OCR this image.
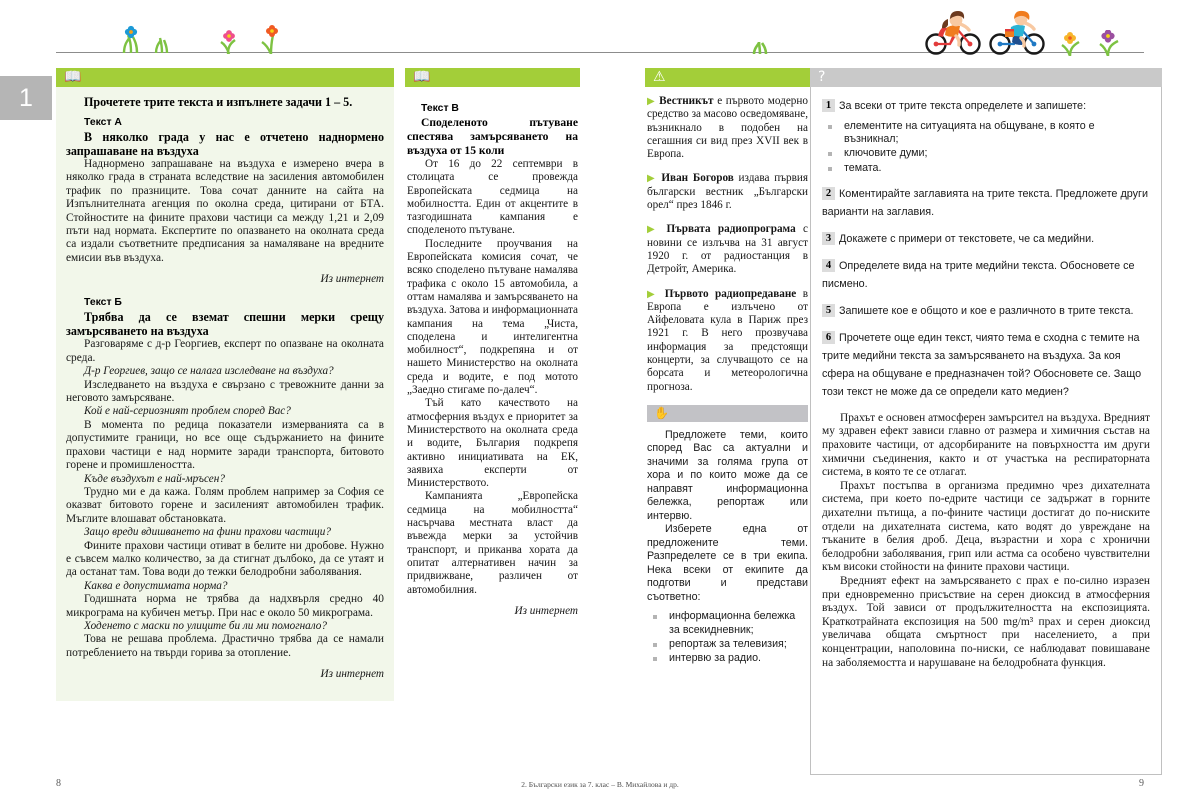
1
📖

Прочетете трите текста и изпълнете задачи 1 – 5.

Текст А

В няколко града у нас е отчетено наднормено запрашаване на въздуха

Наднормено запрашаване на въздуха е измерено вчера в няколко града в страната вследствие на засиления автомобилен трафик по празниците. Това сочат данните на сайта на Изпълнителната агенция по околна среда, цитирани от БТА. Стойностите на фините прахови частици са между 1,21 и 2,09 пъти над нормата. Експертите по опазването на околната среда са издали съответните предписания за намаляване на вредните емисии във въздуха.

Из интернет

Текст Б

Трябва да се вземат спешни мерки срещу замърсяването на въздуха

Разговаряме с д-р Георгиев, експерт по опазване на околната среда.

Д-р Георгиев, защо се налага изследване на въздуха?

Изследването на въздуха е свързано с тревожните данни за неговото замърсяване.

Кой е най-сериозният проблем според Вас?

В момента по редица показатели измерванията са в допустимите граници, но все още съдържанието на фините прахови частици е над нормите заради транспорта, битовото горене и промишлеността.

Къде въздухът е най-мръсен?

Трудно ми е да кажа. Голям проблем например за София се оказват битовото горене и засиленият автомобилен трафик. Мъглите влошават обстановката.

Защо вреди вдишването на фини прахови частици?

Фините прахови частици отиват в белите ни дробове. Нужно е съвсем малко количество, за да стигнат дълбоко, да се утаят и да останат там. Това води до тежки белодробни заболявания.

Каква е допустимата норма?

Годишната норма не трябва да надхвърля средно 40 микрограма на кубичен метър. При нас е около 50 микрограма.

Ходенето с маски по улиците би ли ми помогнало?

Това не решава проблема. Драстично трябва да се намали потреблението на твърди горива за отопление.

Из интернет

📖

Текст В

Споделеното пътуване спестява замърсяването на въздуха от 15 коли

От 16 до 22 септември в столицата се провежда Европейската седмица на мобилността. Един от акцентите в тазгодишната кампания е споделеното пътуване.

Последните проучвания на Европейската комисия сочат, че всяко споделено пътуване намалява трафика с около 15 автомобила, а оттам намалява и замърсяването на въздуха. Затова и информационната кампания на тема „Чиста, споделена и интелигентна мобилност“, подкрепяна и от нашето Министерство на околната среда и водите, е под мотото „Заедно стигаме по-далеч“.

Тъй като качеството на атмосферния въздух е приоритет за Министерството на околната среда и водите, България подкрепя активно инициативата на ЕК, заявиха експерти от Министерството.

Кампанията „Европейска седмица на мобилността“ насърчава местната власт да въвежда мерки за устойчив транспорт, и приканва хората да опитат алтернативен начин за придвижване, различен от автомобилния.

Из интернет

⚠

▶ Вестникът е първото модерно средство за масово осведомяване, възникнало в подобен на сегашния си вид през XVII век в Европа.

▶ Иван Богоров издава първия български вестник „Български орел“ през 1846 г.

▶ Първата радиопрограма с новини се излъчва на 31 август 1920 г. от радиостанция в Детройт, Америка.

▶ Първото радиопредаване в Европа е излъчено от Айфеловата кула в Париж през 1921 г. В него прозвучава информация за предстоящи концерти, за случващото се на борсата и метеорологична прогноза.

✋

Предложете теми, които според Вас са актуални и значими за голяма група от хора и по които може да се направят информационна бележка, репортаж или интервю.

Изберете една от предложените теми. Разпределете се в три екипа. Нека всеки от екипите да подготви и представи съответно:

информационна бележка за всекидневник;
репортаж за телевизия;
интервю за радио.
?
1 За всеки от трите текста определете и запишете:
елементите на ситуацията на общуване, в която е възникнал;
ключовите думи;
темата.
2 Коментирайте заглавията на трите текста. Предложете други варианти на заглавия.
3 Докажете с примери от текстовете, че са медийни.
4 Определете вида на трите медийни текста. Обосновете се писмено.
5 Запишете кое е общото и кое е различното в трите текста.
6 Прочетете още един текст, чиято тема е сходна с темите на трите медийни текста за замърсяването на въздуха. За коя сфера на общуване е предназначен той? Обосновете се. Защо този текст не може да се определи като медиен?

Прахът е основен атмосферен замърсител на въздуха. Вредният му здравен ефект зависи главно от размера и химичния състав на праховите частици, от адсорбираните на повърхността им други химични съединения, както и от участъка на респираторната система, в която те се отлагат.

Прахът постъпва в организма предимно чрез дихателната система, при което по-едрите частици се задържат в горните дихателни пътища, а по-фините частици достигат до по-ниските отдели на дихателната система, като водят до увреждане на тъканите в белия дроб. Деца, възрастни и хора с хронични белодробни заболявания, грип или астма са особено чувствителни към високи стойности на фините прахови частици.

Вредният ефект на замърсяването с прах е по-силно изразен при едновременно присъствие на серен диоксид в атмосферния въздух. Той зависи от продължителността на експозицията. Краткотрайната експозиция на 500 mg/m³ прах и серен диоксид увеличава общата смъртност при населението, а при концентрации, наполовина по-ниски, се наблюдават повишаване на заболяемостта и нарушаване на белодробната функция.

8	2. Български език за 7. клас – В. Михайлова и др.	9
